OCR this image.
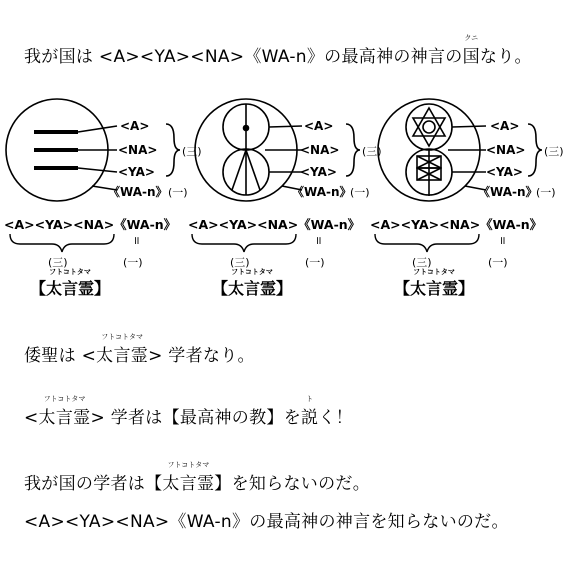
我が国は <A><YA><NA>《WA-n》の最高神の神言の国
クニ
なり。
<A>
<NA>
<YA>
《WA-n》
(三)
(一)
<A>
<NA>
<YA>
《WA-n》
(三)
(一)
<A>
<NA>
<YA>
《WA-n》
(三)
(一)
<A><YA><NA>《WA-n》 <A><YA><NA>《WA-n》 <A><YA><NA>《WA-n》
॥	॥	॥
(三)	(一)	(三)	(一)	(三)	(一)
【太言霊】
フトコトタマ
【太言霊】
フトコトタマ
【太言霊】
フトコトタマ
倭聖は <太言霊
フトコトタマ
> 学者なり。
<太言霊
フトコトタマ
> 学者は【最高神の教】を説
ト
く！
我が国の学者は【太言霊】
フトコトタマ
を知らないのだ。
<A><YA><NA>《WA-n》の最高神の神言を知らないのだ。
